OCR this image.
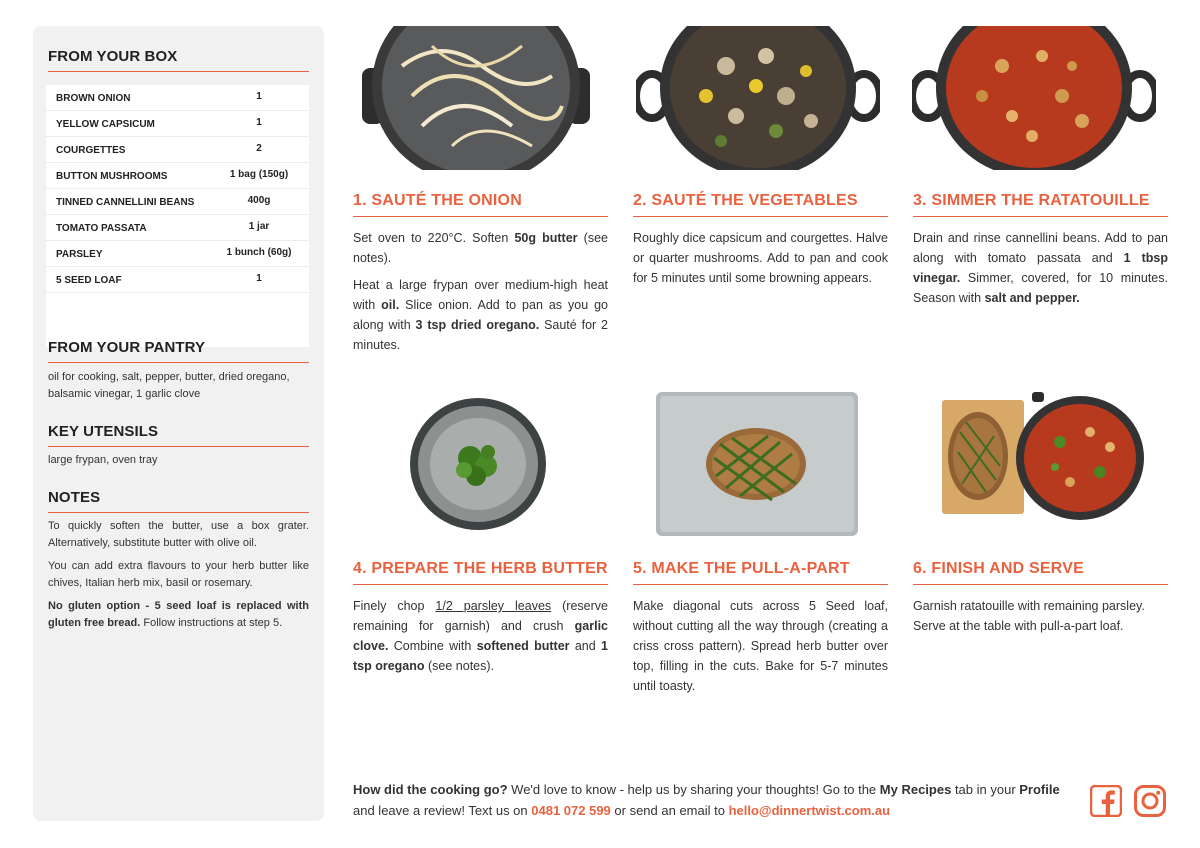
FROM YOUR BOX
BROWN ONION	1
YELLOW CAPSICUM	1
COURGETTES	2
BUTTON MUSHROOMS	1 bag (150g)
TINNED CANNELLINI BEANS	400g
TOMATO PASSATA	1 jar
PARSLEY	1 bunch (60g)
5 SEED LOAF	1
FROM YOUR PANTRY
oil for cooking, salt, pepper, butter, dried oregano, balsamic vinegar, 1 garlic clove
KEY UTENSILS
large frypan, oven tray
NOTES

To quickly soften the butter, use a box grater. Alternatively, substitute butter with olive oil.

You can add extra flavours to your herb butter like chives, Italian herb mix, basil or rosemary.

No gluten option - 5 seed loaf is replaced with gluten free bread. Follow instructions at step 5.

1. SAUTÉ THE ONION

Set oven to 220°C. Soften 50g butter (see notes).

Heat a large frypan over medium-high heat with oil. Slice onion. Add to pan as you go along with 3 tsp dried oregano. Sauté for 2 minutes.

2. SAUTÉ THE VEGETABLES

Roughly dice capsicum and courgettes. Halve or quarter mushrooms. Add to pan and cook for 5 minutes until some browning appears.

3. SIMMER THE RATATOUILLE

Drain and rinse cannellini beans. Add to pan along with tomato passata and 1 tbsp vinegar. Simmer, covered, for 10 minutes. Season with salt and pepper.

4. PREPARE THE HERB BUTTER

Finely chop 1/2 parsley leaves (reserve remaining for garnish) and crush garlic clove. Combine with softened butter and 1 tsp oregano (see notes).

5. MAKE THE PULL-A-PART

Make diagonal cuts across 5 Seed loaf, without cutting all the way through (creating a criss cross pattern). Spread herb butter over top, filling in the cuts. Bake for 5-7 minutes until toasty.

6. FINISH AND SERVE

Garnish ratatouille with remaining parsley. Serve at the table with pull-a-part loaf.

How did the cooking go? We'd love to know - help us by sharing your thoughts! Go to the My Recipes tab in your Profile and leave a review! Text us on 0481 072 599 or send an email to hello@dinnertwist.com.au
